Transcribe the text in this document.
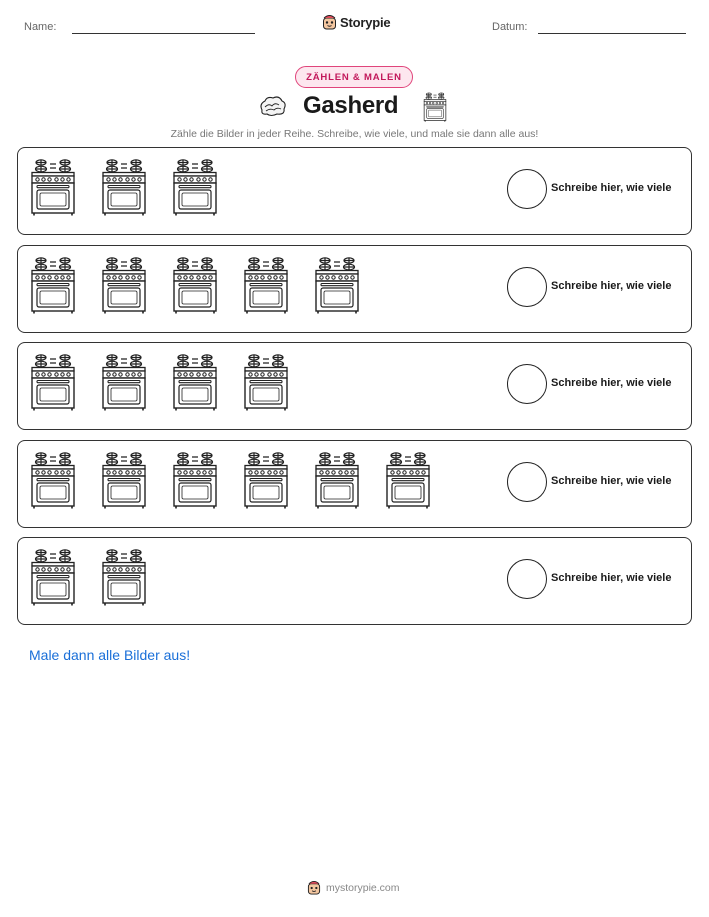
Name:	Storypie	Datum:
ZÄHLEN & MALEN
Gasherd
Zähle die Bilder in jeder Reihe. Schreibe, wie viele, und male sie dann alle aus!
Schreibe hier, wie viele
Schreibe hier, wie viele
Schreibe hier, wie viele
Schreibe hier, wie viele
Schreibe hier, wie viele
Male dann alle Bilder aus!
mystorypie.com
